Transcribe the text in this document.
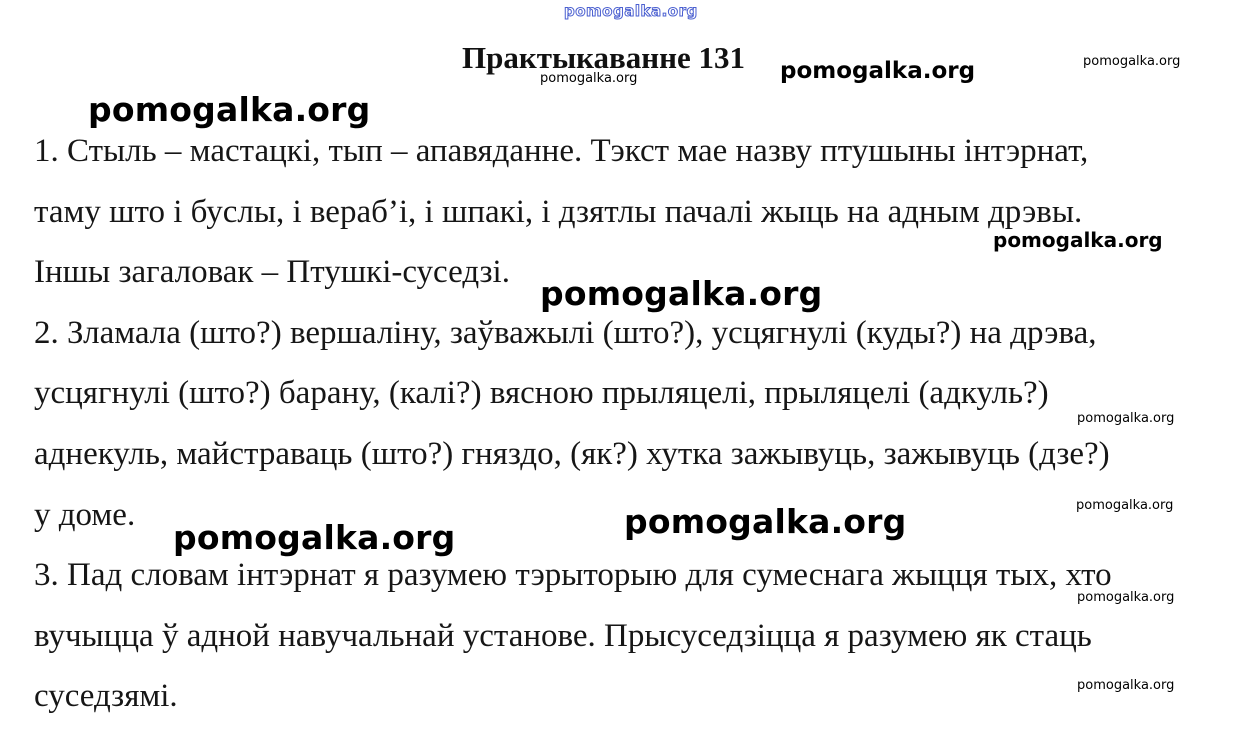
pomogalka.org
Практыкаванне 131
1. Стыль – мастацкі, тып – апавяданне. Тэкст мае назву птушыны інтэрнат,
таму што і буслы, і вераб’і, і шпакі, і дзятлы пачалі жыць на адным дрэвы.
Іншы загаловак – Птушкі-суседзі.
2. Зламала (што?) вершаліну, заўважылі (што?), усцягнулі (куды?) на дрэва,
усцягнулі (што?) барану, (калі?) вясною прыляцелі, прыляцелі (адкуль?)
аднекуль, майстраваць (што?) гняздо, (як?) хутка зажывуць, зажывуць (дзе?)
у доме.
3. Пад словам інтэрнат я разумею тэрыторыю для сумеснага жыцця тых, хто
вучыцца ў адной навучальнай установе. Прысуседзіцца я разумею як стаць
суседзямі.
pomogalka.org	pomogalka.org	pomogalka.org
pomogalka.org
pomogalka.org
pomogalka.org
pomogalka.org
pomogalka.org
pomogalka.org
pomogalka.org
pomogalka.org
pomogalka.org
